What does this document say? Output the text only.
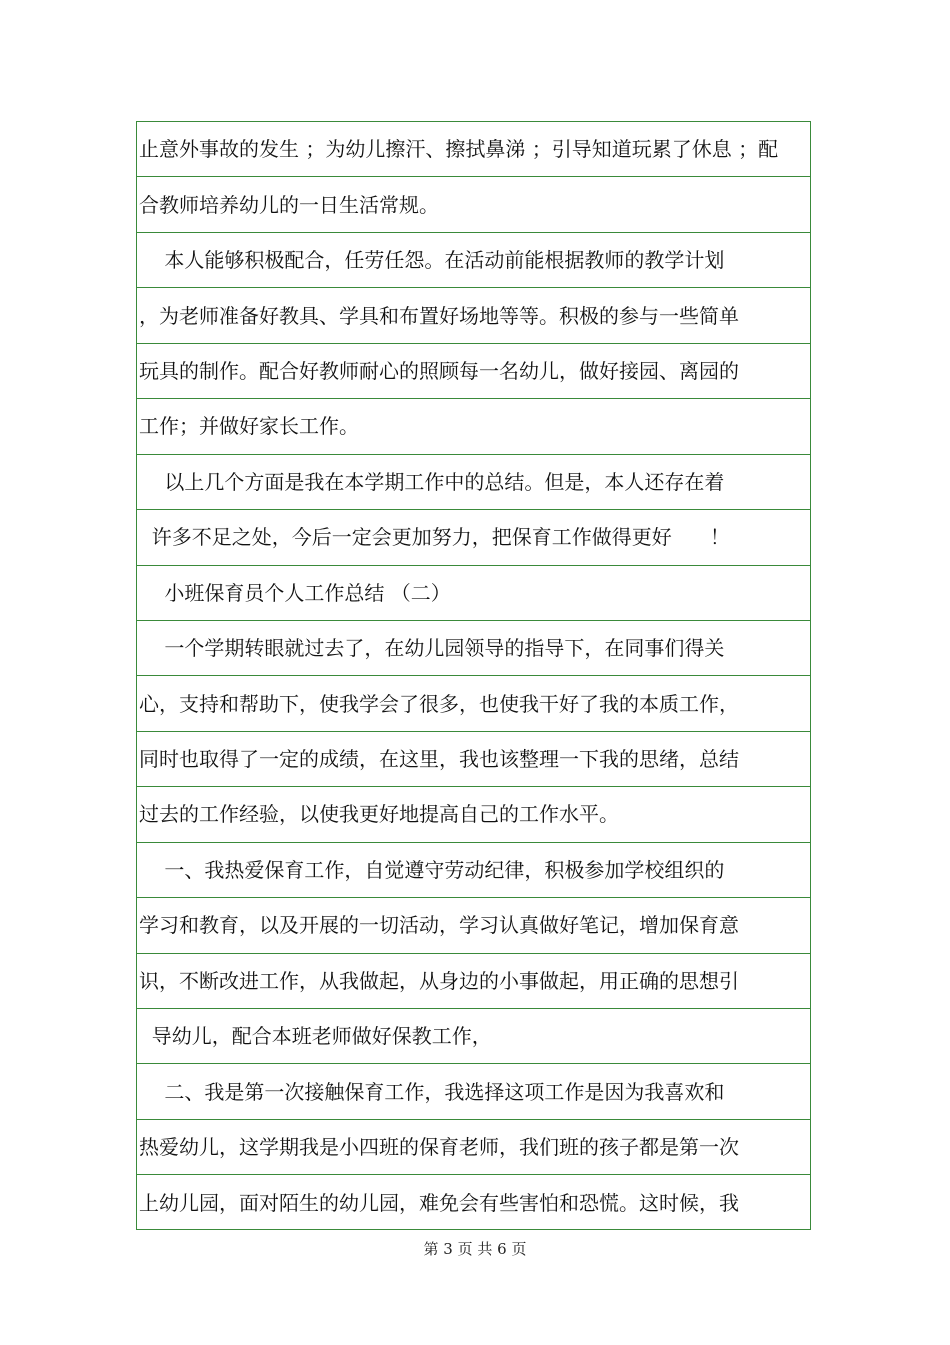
止意外事故的发生 ；为幼儿擦汗、擦拭鼻涕 ；引导知道玩累了休息 ；配
合教师培养幼儿的一日生活常规。
本人能够积极配合，任劳任怨。在活动前能根据教师的教学计划
，为老师准备好教具、学具和布置好场地等等。积极的参与一些简单
玩具的制作。配合好教师耐心的照顾每一名幼儿，做好接园、离园的
工作；并做好家长工作。
以上几个方面是我在本学期工作中的总结。但是，本人还存在着
许多不足之处，今后一定会更加努力，把保育工作做得更好      ！
小班保育员个人工作总结 （二）
一个学期转眼就过去了，在幼儿园领导的指导下，在同事们得关
心，支持和帮助下，使我学会了很多，也使我干好了我的本质工作，
同时也取得了一定的成绩，在这里，我也该整理一下我的思绪，总结
过去的工作经验，以使我更好地提高自己的工作水平。
一、我热爱保育工作，自觉遵守劳动纪律，积极参加学校组织的
学习和教育，以及开展的一切活动，学习认真做好笔记，增加保育意
识，不断改进工作，从我做起，从身边的小事做起，用正确的思想引
导幼儿，配合本班老师做好保教工作，
二、我是第一次接触保育工作，我选择这项工作是因为我喜欢和
热爱幼儿，这学期我是小四班的保育老师，我们班的孩子都是第一次
上幼儿园，面对陌生的幼儿园，难免会有些害怕和恐慌。这时候，我
第 3 页 共 6 页
